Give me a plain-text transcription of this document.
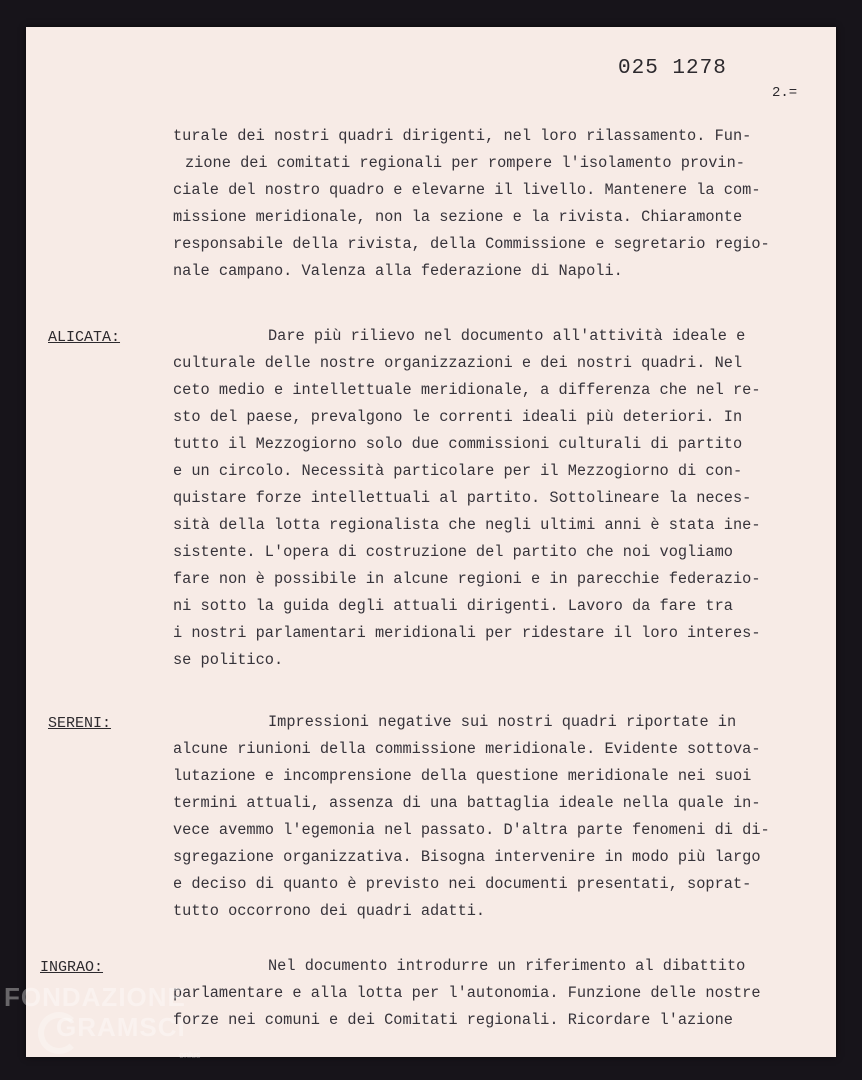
025 1278
2.=
turale dei nostri quadri dirigenti, nel loro rilassamento. Fun-
zione dei comitati regionali per rompere l'isolamento provin-
ciale del nostro quadro e elevarne il livello. Mantenere la com-
missione meridionale, non la sezione e la rivista. Chiaramonte
responsabile della rivista, della Commissione e segretario regio-
nale campano. Valenza alla federazione di Napoli.
ALICATA:	Dare più rilievo nel documento all'attività ideale e
culturale delle nostre organizzazioni e dei nostri quadri. Nel
ceto medio e intellettuale meridionale, a differenza che nel re-
sto del paese, prevalgono le correnti ideali più deteriori. In
tutto il Mezzogiorno solo due commissioni culturali di partito
e un circolo. Necessità particolare per il Mezzogiorno di con-
quistare forze intellettuali al partito. Sottolineare la neces-
sità della lotta regionalista che negli ultimi anni è stata ine-
sistente. L'opera di costruzione del partito che noi vogliamo
fare non è possibile in alcune regioni e in parecchie federazio-
ni sotto la guida degli attuali dirigenti. Lavoro da fare tra
i nostri parlamentari meridionali per ridestare il loro interes-
se politico.
SERENI:	Impressioni negative sui nostri quadri riportate in
alcune riunioni della commissione meridionale. Evidente sottova-
lutazione e incomprensione della questione meridionale nei suoi
termini attuali, assenza di una battaglia ideale nella quale in-
vece avemmo l'egemonia nel passato. D'altra parte fenomeni di di-
sgregazione organizzativa. Bisogna intervenire in modo più largo
e deciso di quanto è previsto nei documenti presentati, soprat-
tutto occorrono dei quadri adatti.
INGRAO:	Nel documento introdurre un riferimento al dibattito
parlamentare e alla lotta per l'autonomia. Funzione delle nostre
forze nei comuni e dei Comitati regionali. Ricordare l'azione
FONDAZIONE
GRAMSCI
onlus
